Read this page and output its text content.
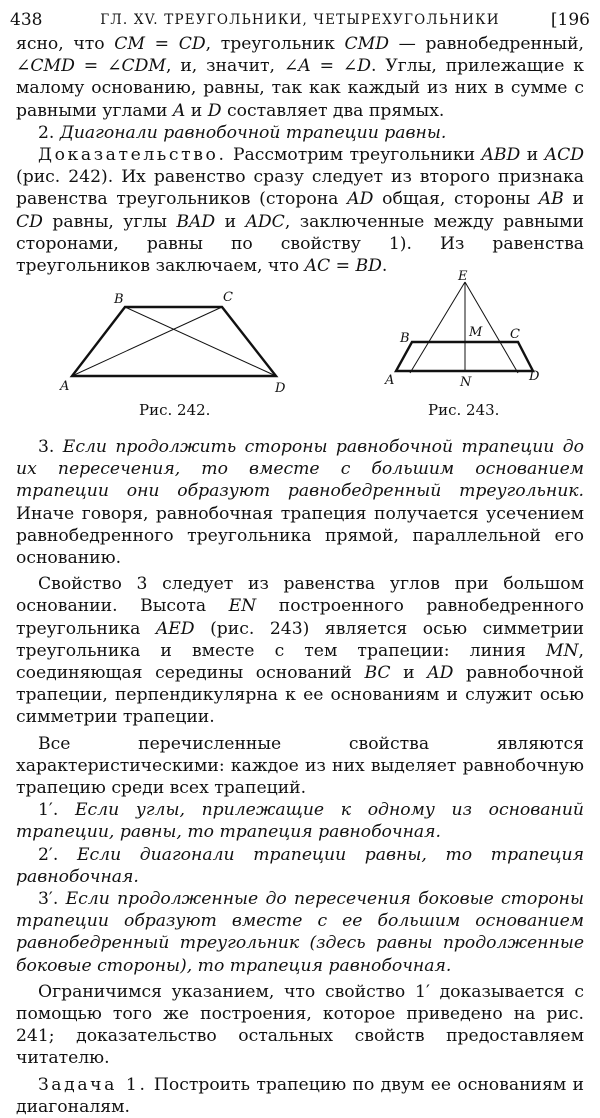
438	ГЛ. XV. ТРЕУГОЛЬНИКИ, ЧЕТЫРЕХУГОЛЬНИКИ	[196

ясно, что CM = CD, треугольник CMD — равнобедренный, ∠CMD = ∠CDM, и, значит, ∠A = ∠D. Углы, прилежащие к малому основанию, равны, так как каждый из них в сумме с равными углами A и D составляет два прямых.

2. Диагонали равнобочной трапеции равны.

Доказательство. Рассмотрим треугольники ABD и ACD (рис. 242). Их равенство сразу следует из второго признака равенства треугольников (сторона AD общая, стороны AB и CD равны, углы BAD и ADC, заключенные между равными сторонами, равны по свойству 1). Из равенства треугольников заключаем, что AC = BD.

B	C
A	D
E
M
B	C
A	N	D
Рис. 242.	Рис. 243.

3. Если продолжить стороны равнобочной трапеции до их пересечения, то вместе с большим основанием трапеции они образуют равнобедренный треугольник. Иначе говоря, равнобочная трапеция получается усечением равнобедренного треугольника прямой, параллельной его основанию.

Свойство 3 следует из равенства углов при большом основании. Высота EN построенного равнобедренного треугольника AED (рис. 243) является осью симметрии треугольника и вместе с тем трапеции: линия MN, соединяющая середины оснований BC и AD равнобочной трапеции, перпендикулярна к ее основаниям и служит осью симметрии трапеции.

Все перечисленные свойства являются характеристическими: каждое из них выделяет равнобочную трапецию среди всех трапеций.

1′. Если углы, прилежащие к одному из оснований трапеции, равны, то трапеция равнобочная.

2′. Если диагонали трапеции равны, то трапеция равнобочная.

3′. Если продолженные до пересечения боковые стороны трапеции образуют вместе с ее большим основанием равнобедренный треугольник (здесь равны продолженные боковые стороны), то трапеция равнобочная.

Ограничимся указанием, что свойство 1′ доказывается с помощью того же построения, которое приведено на рис. 241; доказательство остальных свойств предоставляем читателю.

Задача 1. Построить трапецию по двум ее основаниям и диагоналям.
